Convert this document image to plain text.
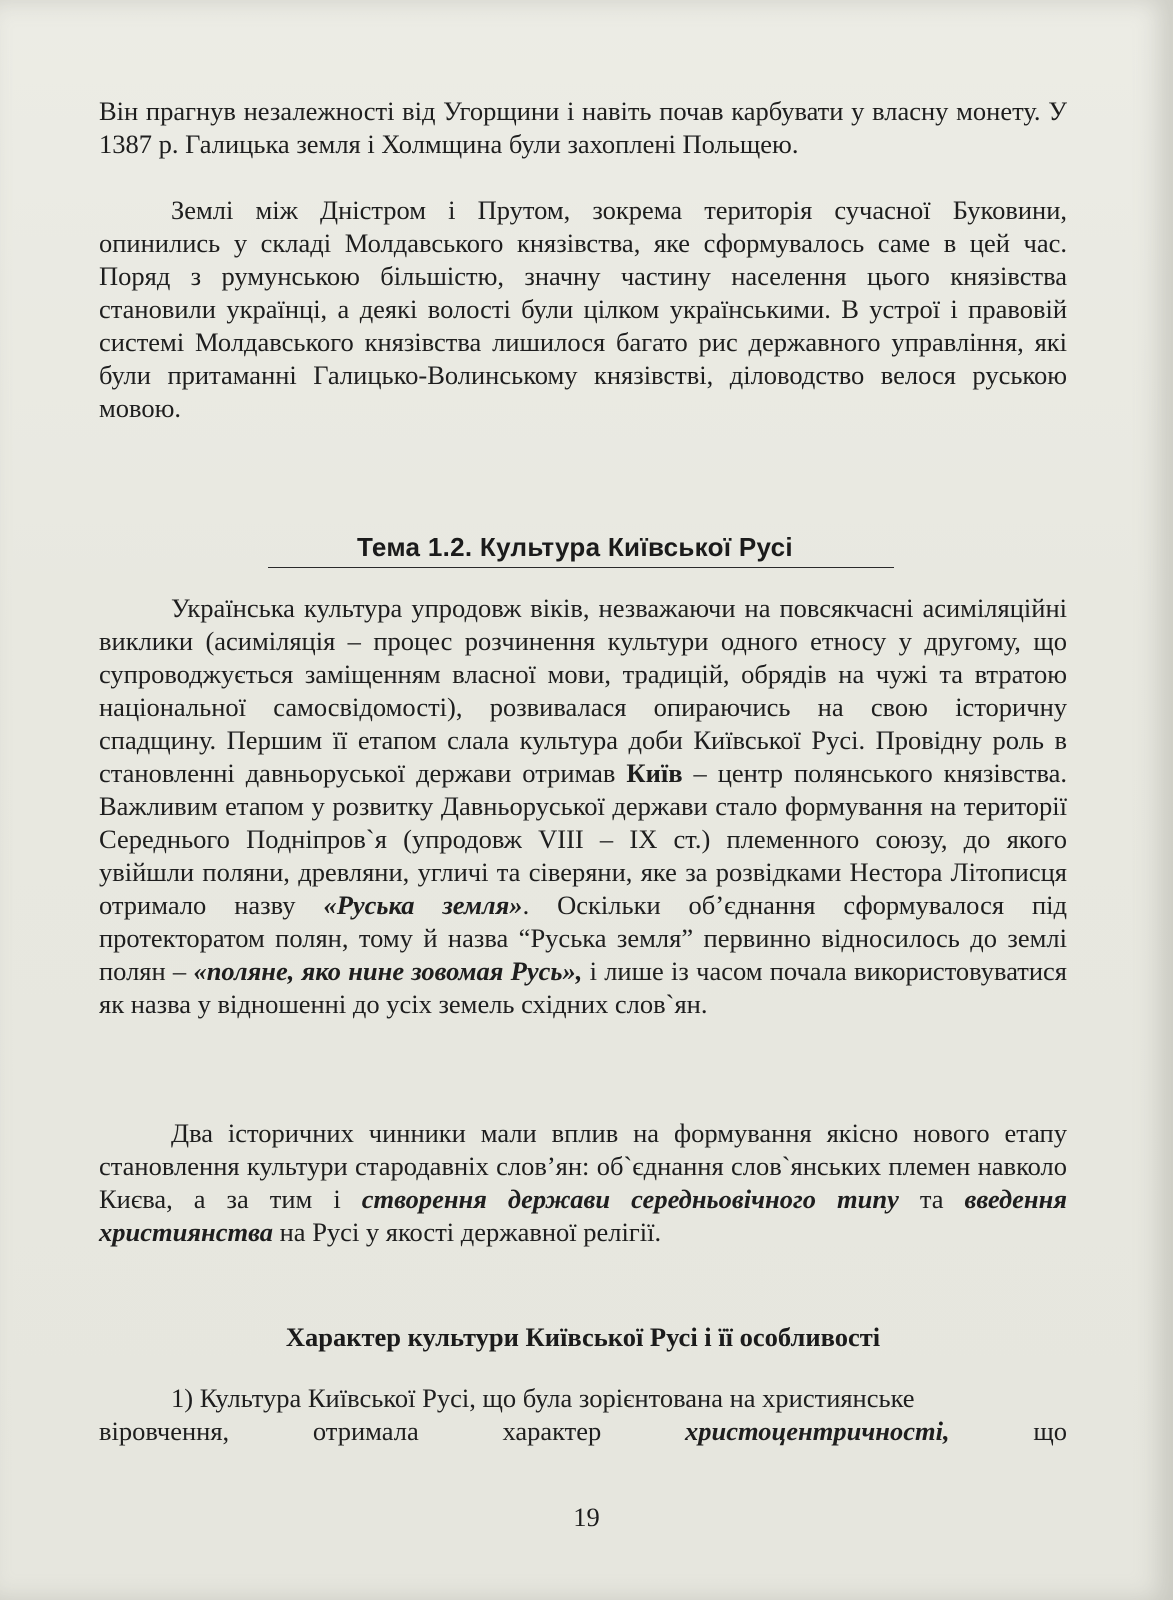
Він прагнув незалежності від Угорщини і навіть почав карбувати у власну монету. У 1387 р. Галицька земля і Холмщина були захоплені Польщею.

Землі між Дністром і Прутом, зокрема територія сучасної Буковини, опинились у складі Молдавського князівства, яке сформувалось саме в цей час. Поряд з румунською більшістю, значну частину населення цього князівства становили українці, а деякі волості були цілком українськими. В устрої і правовій системі Молдавського князівства лишилося багато рис державного управління, які були притаманні Галицько-Волинському князівстві, діловодство велося руською мовою.

Тема 1.2. Культура Київської Русі

Українська культура упродовж віків, незважаючи на повсякчасні асиміляційні виклики (асиміляція – процес розчинення культури одного етносу у другому, що супроводжується заміщенням власної мови, традицій, обрядів на чужі та втратою національної самосвідомості), розвивалася опираючись на свою історичну спадщину. Першим її етапом слала культура доби Київської Русі. Провідну роль в становленні давньоруської держави отримав Київ – центр полянського князівства. Важливим етапом у розвитку Давньоруської держави стало формування на території Середнього Подніпров`я (упродовж VIII – IX ст.) племенного союзу, до якого увійшли поляни, древляни, угличі та сіверяни, яке за розвідками Нестора Літописця отримало назву «Руська земля». Оскільки об’єднання сформувалося під протекторатом полян, тому й назва “Руська земля” первинно відносилось до землі полян – «поляне, яко нине зовомая Русь», і лише із часом почала використовуватися як назва у відношенні до усіх земель східних слов`ян.

Два історичних чинники мали вплив на формування якісно нового етапу становлення культури стародавніх слов’ян: об`єднання слов`янських племен навколо Києва, а за тим і створення держави середньовічного типу та введення християнства на Русі у якості державної релігії.

Характер культури Київської Русі і її особливості

1) Культура Київської Русі, що була зорієнтована на християнське

віровчення,	отримала	характер	христоцентричності,	що
19
